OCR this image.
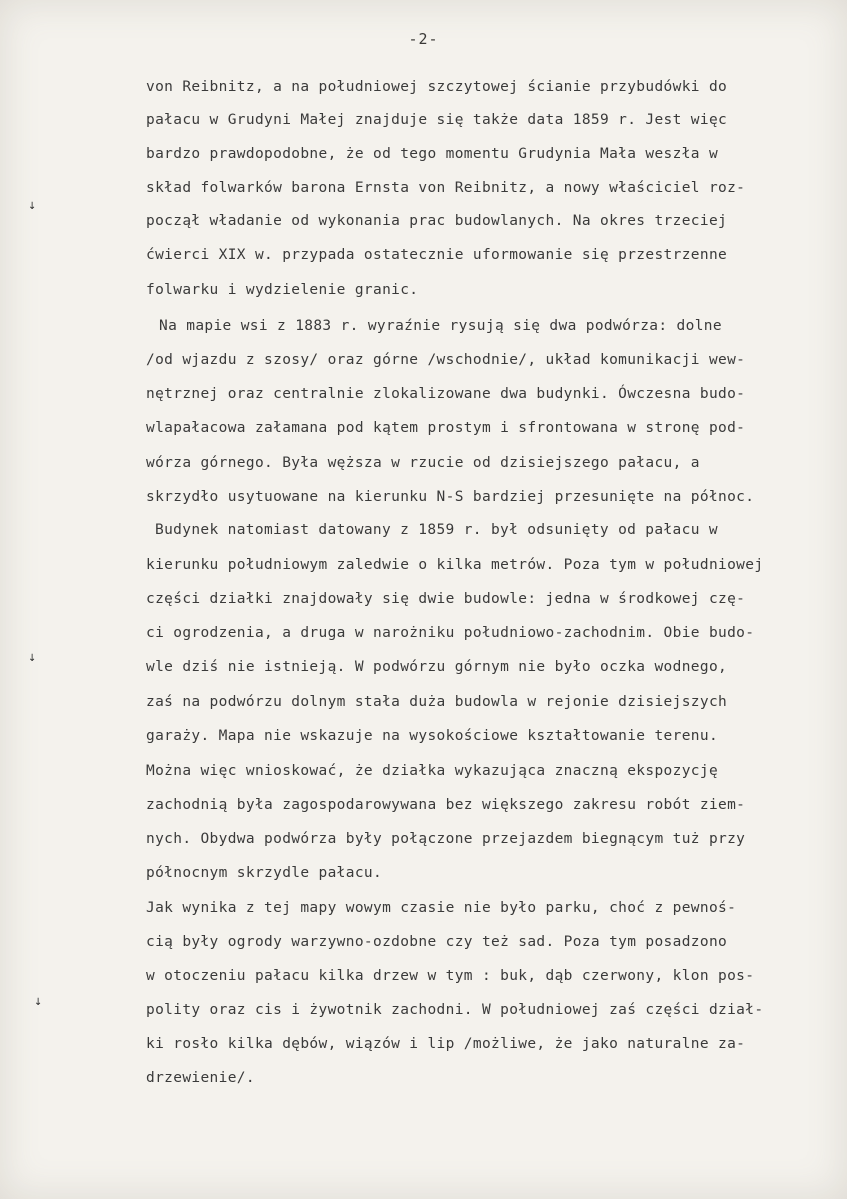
-2-
von Reibnitz, a na południowej szczytowej ścianie przybudówki do
pałacu w Grudyni Małej znajduje się także data 1859 r. Jest więc
bardzo prawdopodobne, że od tego momentu Grudynia Mała weszła w
skład folwarków barona Ernsta von Reibnitz, a nowy właściciel roz-
począł władanie od wykonania prac budowlanych. Na okres trzeciej
ćwierci XIX w. przypada ostatecznie uformowanie się przestrzenne
folwarku i wydzielenie granic.
Na mapie wsi z 1883 r. wyraźnie rysują się dwa podwórza: dolne
/od wjazdu z szosy/ oraz górne /wschodnie/, układ komunikacji wew-
nętrznej oraz centralnie zlokalizowane dwa budynki. Ówczesna budo-
wlapałacowa załamana pod kątem prostym i sfrontowana w stronę pod-
wórza górnego. Była węższa w rzucie od dzisiejszego pałacu, a
skrzydło usytuowane na kierunku N-S bardziej przesunięte na północ.
Budynek natomiast datowany z 1859 r. był odsunięty od pałacu w
kierunku południowym zaledwie o kilka metrów. Poza tym w południowej
części działki znajdowały się dwie budowle: jedna w środkowej czę-
ci ogrodzenia, a druga w narożniku południowo-zachodnim. Obie budo-
wle dziś nie istnieją. W podwórzu górnym nie było oczka wodnego,
zaś na podwórzu dolnym stała duża budowla w rejonie dzisiejszych
garaży. Mapa nie wskazuje na wysokościowe kształtowanie terenu.
Można więc wnioskować, że działka wykazująca znaczną ekspozycję
zachodnią była zagospodarowywana bez większego zakresu robót ziem-
nych. Obydwa podwórza były połączone przejazdem biegnącym tuż przy
północnym skrzydle pałacu.
Jak wynika z tej mapy wowym czasie nie było parku, choć z pewnoś-
cią były ogrody warzywno-ozdobne czy też sad. Poza tym posadzono
w otoczeniu pałacu kilka drzew w tym : buk, dąb czerwony, klon pos-
polity oraz cis i żywotnik zachodni. W południowej zaś części dział-
ki rosło kilka dębów, wiązów i lip /możliwe, że jako naturalne za-
drzewienie/.
↓
↓
↓
